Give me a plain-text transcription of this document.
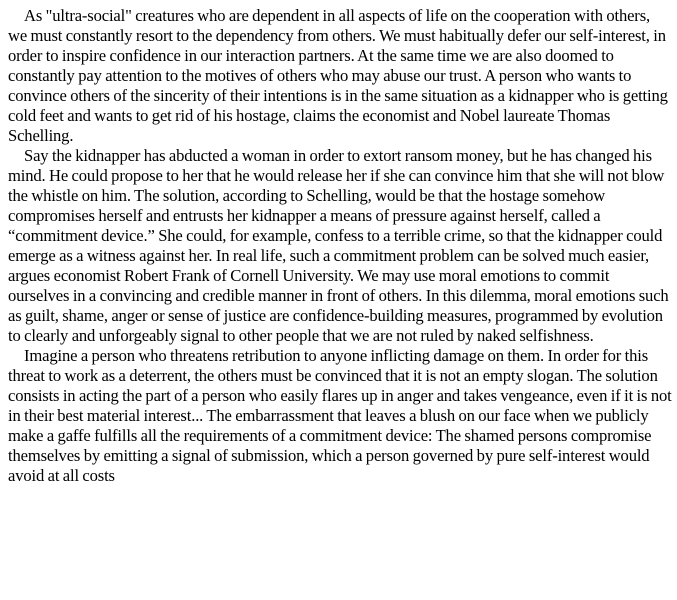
As "ultra-social" creatures who are dependent in all aspects of life on the cooperation with others, we must constantly resort to the dependency from others. We must habitually defer our self-interest, in order to inspire confidence in our interaction partners. At the same time we are also doomed to constantly pay attention to the motives of others who may abuse our trust. A person who wants to convince others of the sincerity of their intentions is in the same situation as a kidnapper who is getting cold feet and wants to get rid of his hostage, claims the economist and Nobel laureate Thomas Schelling.

Say the kidnapper has abducted a woman in order to extort ransom money, but he has changed his mind. He could propose to her that he would release her if she can convince him that she will not blow the whistle on him. The solution, according to Schelling, would be that the hostage somehow compromises herself and entrusts her kidnapper a means of pressure against herself, called a “commitment device.” She could, for example, confess to a terrible crime, so that the kidnapper could emerge as a witness against her. In real life, such a commitment problem can be solved much easier, argues economist Robert Frank of Cornell University. We may use moral emotions to commit ourselves in a convincing and credible manner in front of others. In this dilemma, moral emotions such as guilt, shame, anger or sense of justice are confidence-building measures, programmed by evolution to clearly and unforgeably signal to other people that we are not ruled by naked selfishness.

Imagine a person who threatens retribution to anyone inflicting damage on them. In order for this threat to work as a deterrent, the others must be convinced that it is not an empty slogan. The solution consists in acting the part of a person who easily flares up in anger and takes vengeance, even if it is not in their best material interest... The embarrassment that leaves a blush on our face when we publicly make a gaffe fulfills all the requirements of a commitment device: The shamed persons compromise themselves by emitting a signal of submission, which a person governed by pure self-interest would avoid at all costs
